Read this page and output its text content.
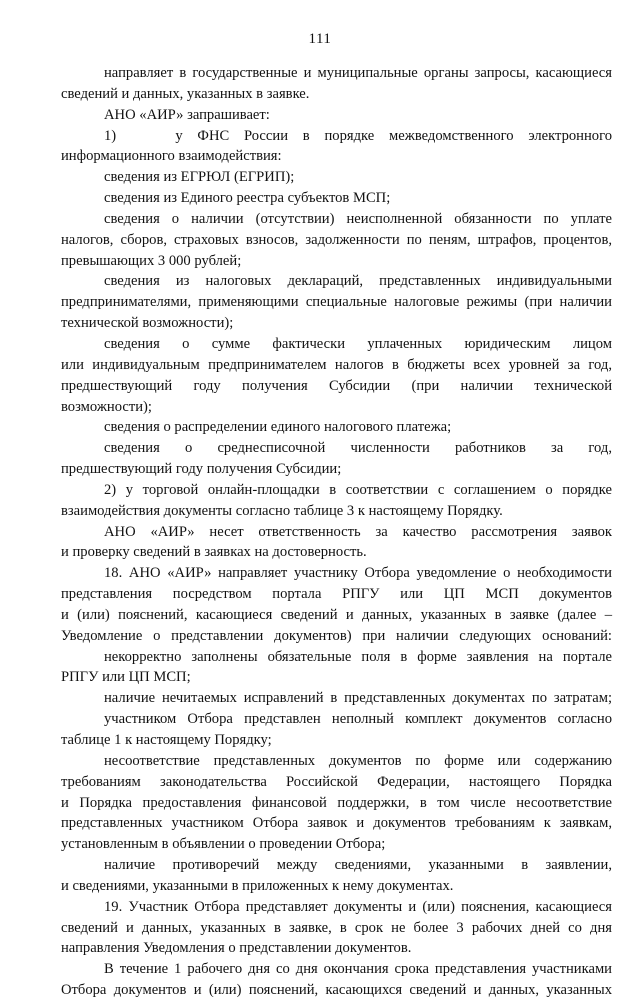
111
направляет в государственные и муниципальные органы запросы, касающиеся
сведений и данных, указанных в заявке.
АНО «АИР» запрашивает:
1)    у ФНС России в порядке межведомственного электронного
информационного взаимодействия:
сведения из ЕГРЮЛ (ЕГРИП);
сведения из Единого реестра субъектов МСП;
сведения о наличии (отсутствии) неисполненной обязанности по уплате
налогов, сборов, страховых взносов, задолженности по пеням, штрафов, процентов,
превышающих 3 000 рублей;
сведения из налоговых деклараций, представленных индивидуальными
предпринимателями, применяющими специальные налоговые режимы (при наличии
технической возможности);
сведения о сумме фактически уплаченных юридическим лицом
или индивидуальным предпринимателем налогов в бюджеты всех уровней за год,
предшествующий году получения Субсидии (при наличии технической
возможности);
сведения о распределении единого налогового платежа;
сведения о среднесписочной численности работников за год,
предшествующий году получения Субсидии;
2) у торговой онлайн-площадки в соответствии с соглашением о порядке
взаимодействия документы согласно таблице 3 к настоящему Порядку.
АНО «АИР» несет ответственность за качество рассмотрения заявок
и проверку сведений в заявках на достоверность.
18. АНО «АИР» направляет участнику Отбора уведомление о необходимости
представления посредством портала РПГУ или ЦП МСП документов
и (или) пояснений, касающиеся сведений и данных, указанных в заявке (далее –
Уведомление о представлении документов) при наличии следующих оснований:
некорректно заполнены обязательные поля в форме заявления на портале
РПГУ или ЦП МСП;
наличие нечитаемых исправлений в представленных документах по затратам;
участником Отбора представлен неполный комплект документов согласно
таблице 1 к настоящему Порядку;
несоответствие представленных документов по форме или содержанию
требованиям законодательства Российской Федерации, настоящего Порядка
и Порядка предоставления финансовой поддержки, в том числе несоответствие
представленных участником Отбора заявок и документов требованиям к заявкам,
установленным в объявлении о проведении Отбора;
наличие противоречий между сведениями, указанными в заявлении,
и сведениями, указанными в приложенных к нему документах.
19. Участник Отбора представляет документы и (или) пояснения, касающиеся
сведений и данных, указанных в заявке, в срок не более 3 рабочих дней со дня
направления Уведомления о представлении документов.
В течение 1 рабочего дня со дня окончания срока представления участниками
Отбора документов и (или) пояснений, касающихся сведений и данных, указанных
